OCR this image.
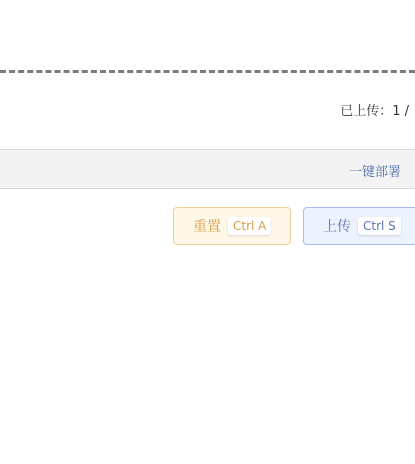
已上传：1 /
一键部署
重置	Ctrl A	上传	Ctrl S
